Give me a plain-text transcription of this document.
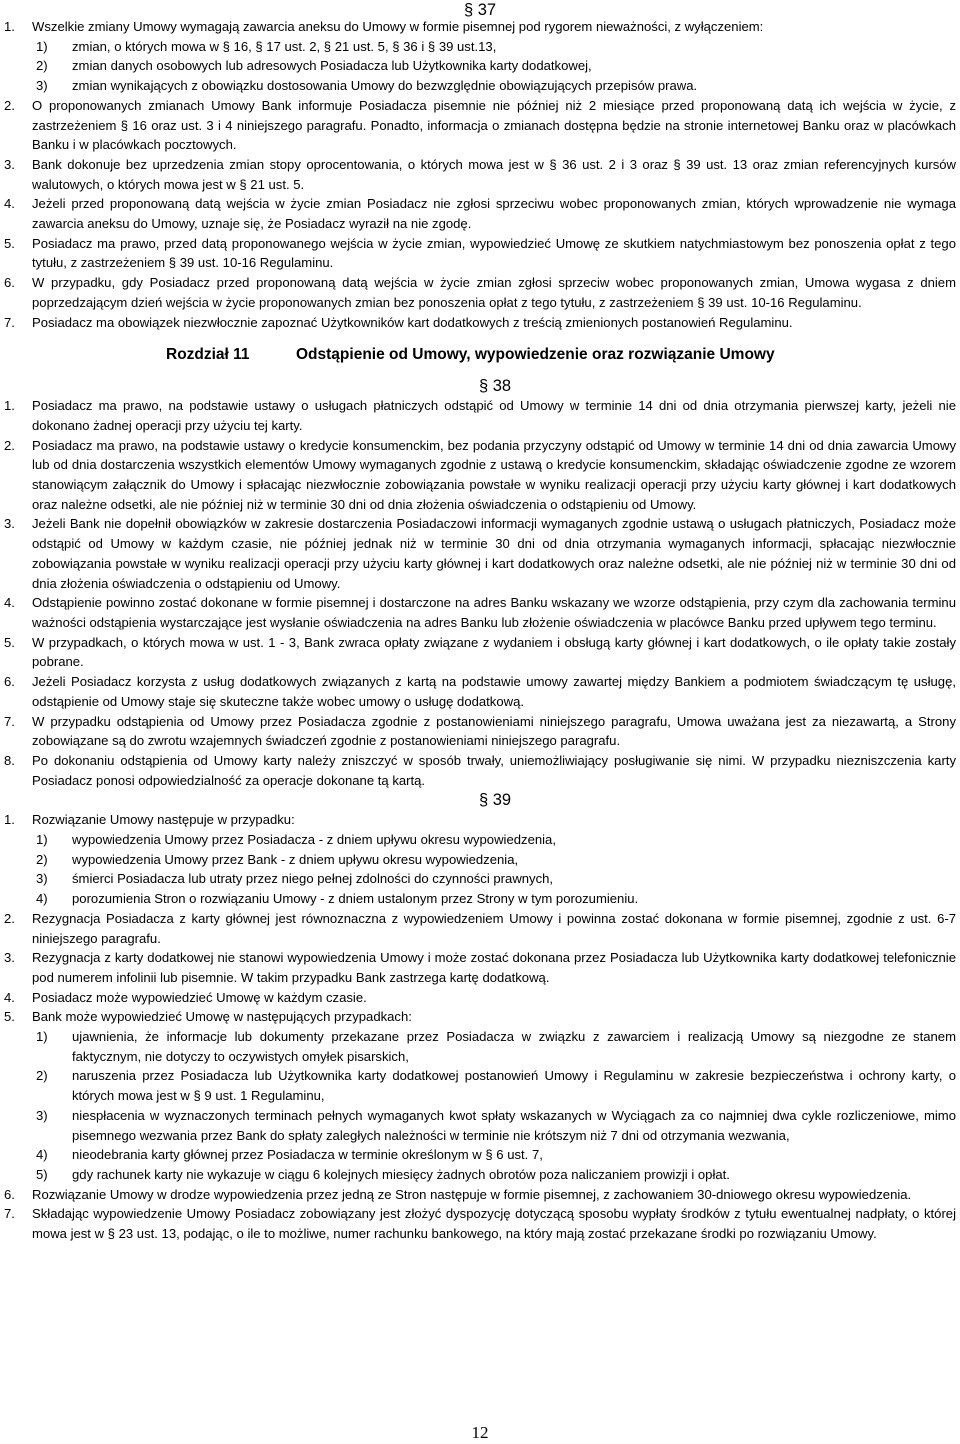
§ 37
1.	Wszelkie zmiany Umowy wymagają zawarcia aneksu do Umowy w formie pisemnej pod rygorem nieważności, z wyłączeniem:
1)	zmian, o których mowa w § 16, § 17 ust. 2, § 21 ust. 5, § 36 i § 39 ust.13,
2)	zmian danych osobowych lub adresowych Posiadacza lub Użytkownika karty dodatkowej,
3)	zmian wynikających z obowiązku dostosowania Umowy do bezwzględnie obowiązujących przepisów prawa.
2.	O proponowanych zmianach Umowy Bank informuje Posiadacza pisemnie nie później niż 2 miesiące przed proponowaną datą ich wejścia w życie, z zastrzeżeniem § 16 oraz ust. 3 i 4 niniejszego paragrafu. Ponadto, informacja o zmianach dostępna będzie na stronie internetowej Banku oraz w placówkach Banku i w placówkach pocztowych.
3.	Bank dokonuje bez uprzedzenia zmian stopy oprocentowania, o których mowa jest w § 36 ust. 2 i 3 oraz § 39 ust. 13 oraz zmian referencyjnych kursów walutowych, o których mowa jest w § 21 ust. 5.
4.	Jeżeli przed proponowaną datą wejścia w życie zmian Posiadacz nie zgłosi sprzeciwu wobec proponowanych zmian, których wprowadzenie nie wymaga zawarcia aneksu do Umowy, uznaje się, że Posiadacz wyraził na nie zgodę.
5.	Posiadacz ma prawo, przed datą proponowanego wejścia w życie zmian, wypowiedzieć Umowę ze skutkiem natychmiastowym bez ponoszenia opłat z tego tytułu, z zastrzeżeniem § 39 ust. 10-16 Regulaminu.
6.	W przypadku, gdy Posiadacz przed proponowaną datą wejścia w życie zmian zgłosi sprzeciw wobec proponowanych zmian, Umowa wygasa z dniem poprzedzającym dzień wejścia w życie proponowanych zmian bez ponoszenia opłat z tego tytułu, z zastrzeżeniem § 39 ust. 10-16 Regulaminu.
7.	Posiadacz ma obowiązek niezwłocznie zapoznać Użytkowników kart dodatkowych z treścią zmienionych postanowień Regulaminu.
Rozdział 11	Odstąpienie od Umowy, wypowiedzenie oraz rozwiązanie Umowy
§ 38
1.	Posiadacz ma prawo, na podstawie ustawy o usługach płatniczych odstąpić od Umowy w terminie 14 dni od dnia otrzymania pierwszej karty, jeżeli nie dokonano żadnej operacji przy użyciu tej karty.
2.	Posiadacz ma prawo, na podstawie ustawy o kredycie konsumenckim, bez podania przyczyny odstąpić od Umowy w terminie 14 dni od dnia zawarcia Umowy lub od dnia dostarczenia wszystkich elementów Umowy wymaganych zgodnie z ustawą o kredycie konsumenckim, składając oświadczenie zgodne ze wzorem stanowiącym załącznik do Umowy i spłacając niezwłocznie zobowiązania powstałe w wyniku realizacji operacji przy użyciu karty głównej i kart dodatkowych oraz należne odsetki, ale nie później niż w terminie 30 dni od dnia złożenia oświadczenia o odstąpieniu od Umowy.
3.	Jeżeli Bank nie dopełnił obowiązków w zakresie dostarczenia Posiadaczowi informacji wymaganych zgodnie ustawą o usługach płatniczych, Posiadacz może odstąpić od Umowy w każdym czasie, nie później jednak niż w terminie 30 dni od dnia otrzymania wymaganych informacji, spłacając niezwłocznie zobowiązania powstałe w wyniku realizacji operacji przy użyciu karty głównej i kart dodatkowych oraz należne odsetki, ale nie później niż w terminie 30 dni od dnia złożenia oświadczenia o odstąpieniu od Umowy.
4.	Odstąpienie powinno zostać dokonane w formie pisemnej i dostarczone na adres Banku wskazany we wzorze odstąpienia, przy czym dla zachowania terminu ważności odstąpienia wystarczające jest wysłanie oświadczenia na adres Banku lub złożenie oświadczenia w placówce Banku przed upływem tego terminu.
5.	W przypadkach, o których mowa w ust. 1 - 3, Bank zwraca opłaty związane z wydaniem i obsługą karty głównej i kart dodatkowych, o ile opłaty takie zostały pobrane.
6.	Jeżeli Posiadacz korzysta z usług dodatkowych związanych z kartą na podstawie umowy zawartej między Bankiem a podmiotem świadczącym tę usługę, odstąpienie od Umowy staje się skuteczne także wobec umowy o usługę dodatkową.
7.	W przypadku odstąpienia od Umowy przez Posiadacza zgodnie z postanowieniami niniejszego paragrafu, Umowa uważana jest za niezawartą, a Strony zobowiązane są do zwrotu wzajemnych świadczeń zgodnie z postanowieniami niniejszego paragrafu.
8.	Po dokonaniu odstąpienia od Umowy karty należy zniszczyć w sposób trwały, uniemożliwiający posługiwanie się nimi. W przypadku niezniszczenia karty Posiadacz ponosi odpowiedzialność za operacje dokonane tą kartą.
§ 39
1.	Rozwiązanie Umowy następuje w przypadku:
1)	wypowiedzenia Umowy przez Posiadacza - z dniem upływu okresu wypowiedzenia,
2)	wypowiedzenia Umowy przez Bank - z dniem upływu okresu wypowiedzenia,
3)	śmierci Posiadacza lub utraty przez niego pełnej zdolności do czynności prawnych,
4)	porozumienia Stron o rozwiązaniu Umowy - z dniem ustalonym przez Strony w tym porozumieniu.
2.	Rezygnacja Posiadacza z karty głównej jest równoznaczna z wypowiedzeniem Umowy i powinna zostać dokonana w formie pisemnej, zgodnie z ust. 6-7 niniejszego paragrafu.
3.	Rezygnacja z karty dodatkowej nie stanowi wypowiedzenia Umowy i może zostać dokonana przez Posiadacza lub Użytkownika karty dodatkowej telefonicznie pod numerem infolinii lub pisemnie. W takim przypadku Bank zastrzega kartę dodatkową.
4.	Posiadacz może wypowiedzieć Umowę w każdym czasie.
5.	Bank może wypowiedzieć Umowę w następujących przypadkach:
1)	ujawnienia, że informacje lub dokumenty przekazane przez Posiadacza w związku z zawarciem i realizacją Umowy są niezgodne ze stanem faktycznym, nie dotyczy to oczywistych omyłek pisarskich,
2)	naruszenia przez Posiadacza lub Użytkownika karty dodatkowej postanowień Umowy i Regulaminu w zakresie bezpieczeństwa i ochrony karty, o których mowa jest w § 9 ust. 1 Regulaminu,
3)	niespłacenia w wyznaczonych terminach pełnych wymaganych kwot spłaty wskazanych w Wyciągach za co najmniej dwa cykle rozliczeniowe, mimo pisemnego wezwania przez Bank do spłaty zaległych należności w terminie nie krótszym niż 7 dni od otrzymania wezwania,
4)	nieodebrania karty głównej przez Posiadacza w terminie określonym w § 6 ust. 7,
5)	gdy rachunek karty nie wykazuje w ciągu 6 kolejnych miesięcy żadnych obrotów poza naliczaniem prowizji i opłat.
6.	Rozwiązanie Umowy w drodze wypowiedzenia przez jedną ze Stron następuje w formie pisemnej, z zachowaniem 30-dniowego okresu wypowiedzenia.
7.	Składając wypowiedzenie Umowy Posiadacz zobowiązany jest złożyć dyspozycję dotyczącą sposobu wypłaty środków z tytułu ewentualnej nadpłaty, o której mowa jest w § 23 ust. 13, podając, o ile to możliwe, numer rachunku bankowego, na który mają zostać przekazane środki po rozwiązaniu Umowy.
12
